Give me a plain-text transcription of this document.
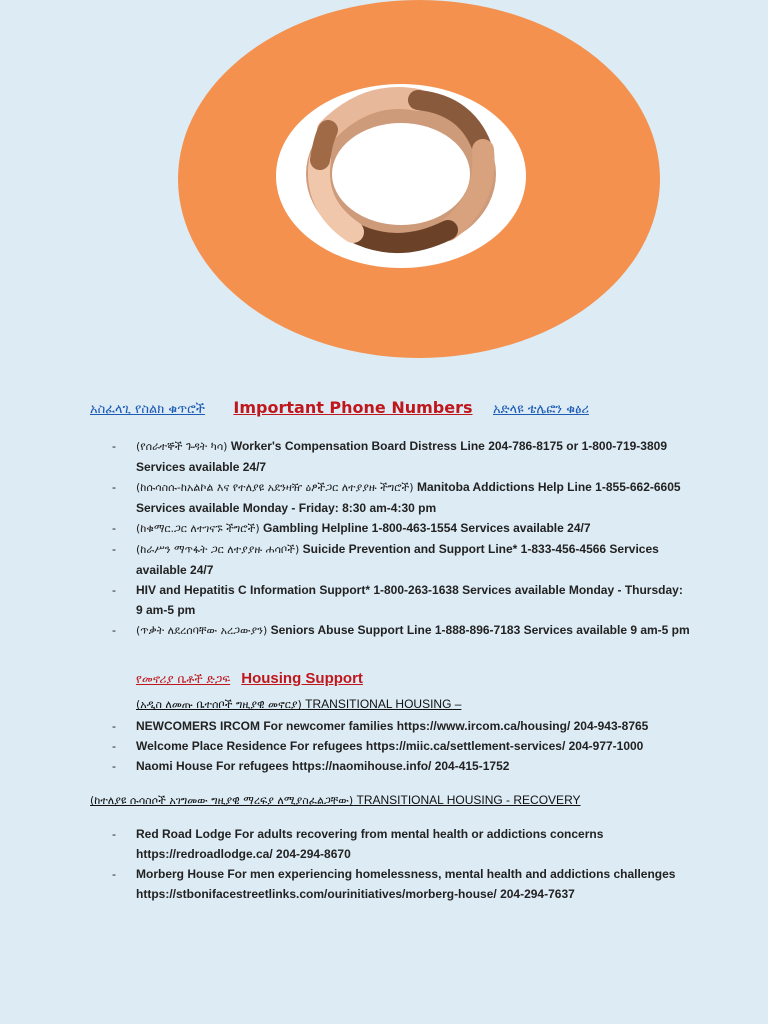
አስፈላጊ የስልክ ቁጥሮች Important Phone Numbers አድላዩ ቴሌፎን ቁፅሪ
- (የሰራተኞች ጉዳት ካሳ) Worker's Compensation Board Distress Line 204-786-8175 or 1-800-719-3809 Services available 24/7
- (ከሱሳስሱ-ከአልኮል እና የተለያዩ አደንዛዥ ዕፆችጋር ለተያያዙ ችግሮች) Manitoba Addictions Help Line 1-855-662-6605 Services available Monday - Friday: 8:30 am-4:30 pm
- (ከቁማር.ጋር ለተገናኙ ችግሮች) Gambling Helpline 1-800-463-1554 Services available 24/7
- (ከራሥን ማጥፋት ጋር ለተያያዙ ሐሳቦች) Suicide Prevention and Support Line* 1-833-456-4566 Services available 24/7
- HIV and Hepatitis C Information Support* 1-800-263-1638 Services available Monday - Thursday: 9 am-5 pm
- (ጥቃት ለደረሰባቸው አረጋውያን) Seniors Abuse Support Line 1-888-896-7183 Services available 9 am-5 pm
የመኖሪያ ቤቶች ድጋፍ Housing Support
(አዲስ ለመጡ ቤተሰቦች ግዚያዊ መኖርያ) TRANSITIONAL HOUSING –
- NEWCOMERS IRCOM For newcomer families https://www.ircom.ca/housing/ 204-943-8765
- Welcome Place Residence For refugees https://miic.ca/settlement-services/ 204-977-1000
- Naomi House For refugees https://naomihouse.info/ 204-415-1752
(ከተለያዩ ሱሳስሶች አገግመው ግዚያዊ ማረፍያ ለሚያስፈልጋቸው) TRANSITIONAL HOUSING - RECOVERY
- Red Road Lodge For adults recovering from mental health or addictions concerns https://redroadlodge.ca/ 204-294-8670
- Morberg House For men experiencing homelessness, mental health and addictions challenges https://stbonifacestreetlinks.com/ourinitiatives/morberg-house/ 204-294-7637
